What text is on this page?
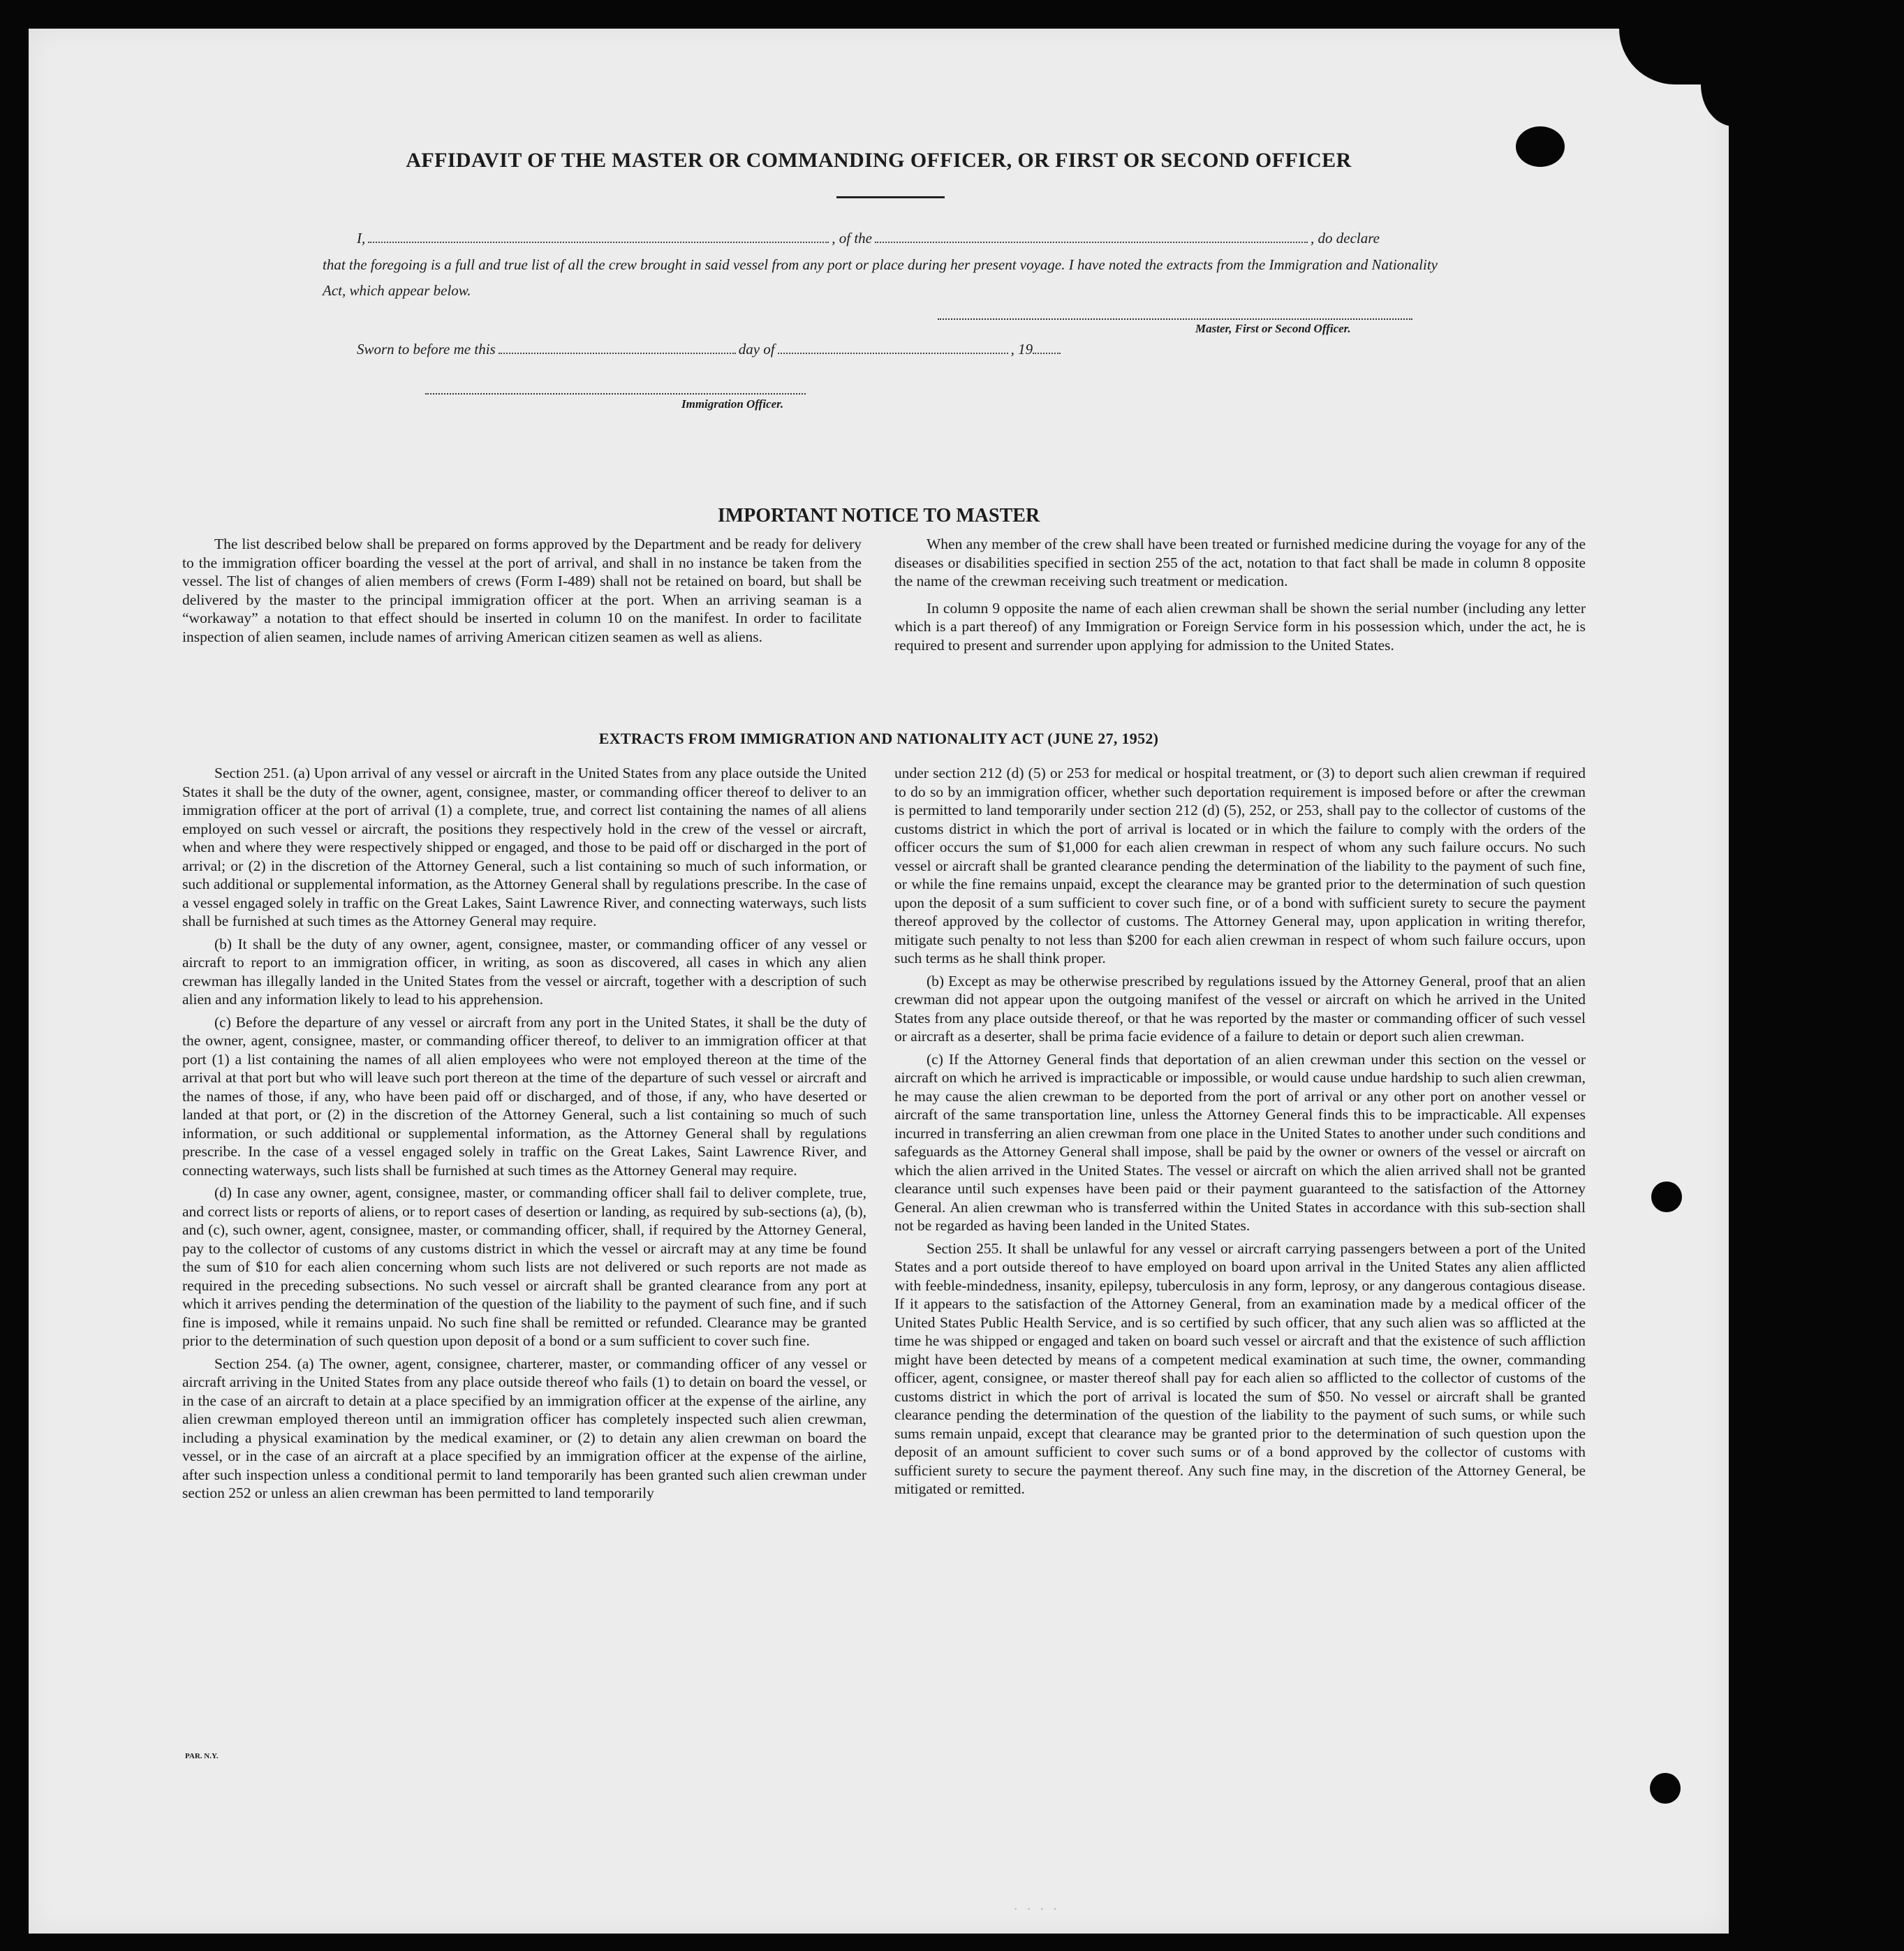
AFFIDAVIT OF THE MASTER OR COMMANDING OFFICER, OR FIRST OR SECOND OFFICER
I,	, of the	, do declare
that the foregoing is a full and true list of all the crew brought in said vessel from any port or place during her present voyage. I have noted the extracts from the Immigration and Nationality Act, which appear below.
Master, First or Second Officer.
Sworn to before me this	day of	, 19
Immigration Officer.
IMPORTANT NOTICE TO MASTER

The list described below shall be prepared on forms approved by the Department and be ready for delivery to the immigration officer boarding the vessel at the port of arrival, and shall in no instance be taken from the vessel. The list of changes of alien members of crews (Form I-489) shall not be retained on board, but shall be delivered by the master to the principal immigration officer at the port. When an arriving seaman is a “workaway” a notation to that effect should be inserted in column 10 on the manifest. In order to facilitate inspection of alien seamen, include names of arriving American citizen seamen as well as aliens.

When any member of the crew shall have been treated or furnished medicine during the voyage for any of the diseases or disabilities specified in section 255 of the act, notation to that fact shall be made in column 8 opposite the name of the crewman receiving such treatment or medication.

In column 9 opposite the name of each alien crewman shall be shown the serial number (including any letter which is a part thereof) of any Immigration or Foreign Service form in his possession which, under the act, he is required to present and surrender upon applying for admission to the United States.

EXTRACTS FROM IMMIGRATION AND NATIONALITY ACT (JUNE 27, 1952)

Section 251. (a) Upon arrival of any vessel or aircraft in the United States from any place outside the United States it shall be the duty of the owner, agent, consignee, master, or commanding officer thereof to deliver to an immigration officer at the port of arrival (1) a complete, true, and correct list containing the names of all aliens employed on such vessel or aircraft, the positions they respectively hold in the crew of the vessel or aircraft, when and where they were respectively shipped or engaged, and those to be paid off or discharged in the port of arrival; or (2) in the discretion of the Attorney General, such a list containing so much of such information, or such additional or supplemental information, as the Attorney General shall by regulations prescribe. In the case of a vessel engaged solely in traffic on the Great Lakes, Saint Lawrence River, and connecting waterways, such lists shall be furnished at such times as the Attorney General may require.

(b) It shall be the duty of any owner, agent, consignee, master, or commanding officer of any vessel or aircraft to report to an immigration officer, in writing, as soon as discovered, all cases in which any alien crewman has illegally landed in the United States from the vessel or aircraft, together with a description of such alien and any information likely to lead to his apprehension.

(c) Before the departure of any vessel or aircraft from any port in the United States, it shall be the duty of the owner, agent, consignee, master, or commanding officer thereof, to deliver to an immigration officer at that port (1) a list containing the names of all alien employees who were not employed thereon at the time of the arrival at that port but who will leave such port thereon at the time of the departure of such vessel or aircraft and the names of those, if any, who have been paid off or discharged, and of those, if any, who have deserted or landed at that port, or (2) in the discretion of the Attorney General, such a list containing so much of such information, or such additional or supplemental information, as the Attorney General shall by regulations prescribe. In the case of a vessel engaged solely in traffic on the Great Lakes, Saint Lawrence River, and connecting waterways, such lists shall be furnished at such times as the Attorney General may require.

(d) In case any owner, agent, consignee, master, or commanding officer shall fail to deliver complete, true, and correct lists or reports of aliens, or to report cases of desertion or landing, as required by sub-sections (a), (b), and (c), such owner, agent, consignee, master, or commanding officer, shall, if required by the Attorney General, pay to the collector of customs of any customs district in which the vessel or aircraft may at any time be found the sum of $10 for each alien concerning whom such lists are not delivered or such reports are not made as required in the preceding subsections. No such vessel or aircraft shall be granted clearance from any port at which it arrives pending the determination of the question of the liability to the payment of such fine, and if such fine is imposed, while it remains unpaid. No such fine shall be remitted or refunded. Clearance may be granted prior to the determination of such question upon deposit of a bond or a sum sufficient to cover such fine.

Section 254. (a) The owner, agent, consignee, charterer, master, or commanding officer of any vessel or aircraft arriving in the United States from any place outside thereof who fails (1) to detain on board the vessel, or in the case of an aircraft to detain at a place specified by an immigration officer at the expense of the airline, any alien crewman employed thereon until an immigration officer has completely inspected such alien crewman, including a physical examination by the medical examiner, or (2) to detain any alien crewman on board the vessel, or in the case of an aircraft at a place specified by an immigration officer at the expense of the airline, after such inspection unless a conditional permit to land temporarily has been granted such alien crewman under section 252 or unless an alien crewman has been permitted to land temporarily

under section 212 (d) (5) or 253 for medical or hospital treatment, or (3) to deport such alien crewman if required to do so by an immigration officer, whether such deportation requirement is imposed before or after the crewman is permitted to land temporarily under section 212 (d) (5), 252, or 253, shall pay to the collector of customs of the customs district in which the port of arrival is located or in which the failure to comply with the orders of the officer occurs the sum of $1,000 for each alien crewman in respect of whom any such failure occurs. No such vessel or aircraft shall be granted clearance pending the determination of the liability to the payment of such fine, or while the fine remains unpaid, except the clearance may be granted prior to the determination of such question upon the deposit of a sum sufficient to cover such fine, or of a bond with sufficient surety to secure the payment thereof approved by the collector of customs. The Attorney General may, upon application in writing therefor, mitigate such penalty to not less than $200 for each alien crewman in respect of whom such failure occurs, upon such terms as he shall think proper.

(b) Except as may be otherwise prescribed by regulations issued by the Attorney General, proof that an alien crewman did not appear upon the outgoing manifest of the vessel or aircraft on which he arrived in the United States from any place outside thereof, or that he was reported by the master or commanding officer of such vessel or aircraft as a deserter, shall be prima facie evidence of a failure to detain or deport such alien crewman.

(c) If the Attorney General finds that deportation of an alien crewman under this section on the vessel or aircraft on which he arrived is impracticable or impossible, or would cause undue hardship to such alien crewman, he may cause the alien crewman to be deported from the port of arrival or any other port on another vessel or aircraft of the same transportation line, unless the Attorney General finds this to be impracticable. All expenses incurred in transferring an alien crewman from one place in the United States to another under such conditions and safeguards as the Attorney General shall impose, shall be paid by the owner or owners of the vessel or aircraft on which the alien arrived in the United States. The vessel or aircraft on which the alien arrived shall not be granted clearance until such expenses have been paid or their payment guaranteed to the satisfaction of the Attorney General. An alien crewman who is transferred within the United States in accordance with this sub-section shall not be regarded as having been landed in the United States.

Section 255. It shall be unlawful for any vessel or aircraft carrying passengers between a port of the United States and a port outside thereof to have employed on board upon arrival in the United States any alien afflicted with feeble-mindedness, insanity, epilepsy, tuberculosis in any form, leprosy, or any dangerous contagious disease. If it appears to the satisfaction of the Attorney General, from an examination made by a medical officer of the United States Public Health Service, and is so certified by such officer, that any such alien was so afflicted at the time he was shipped or engaged and taken on board such vessel or aircraft and that the existence of such affliction might have been detected by means of a competent medical examination at such time, the owner, commanding officer, agent, consignee, or master thereof shall pay for each alien so afflicted to the collector of customs of the customs district in which the port of arrival is located the sum of $50. No vessel or aircraft shall be granted clearance pending the determination of the question of the liability to the payment of such sums, or while such sums remain unpaid, except that clearance may be granted prior to the determination of such question upon the deposit of an amount sufficient to cover such sums or of a bond approved by the collector of customs with sufficient surety to secure the payment thereof. Any such fine may, in the discretion of the Attorney General, be mitigated or remitted.

PAR. N.Y.
· · · ·
